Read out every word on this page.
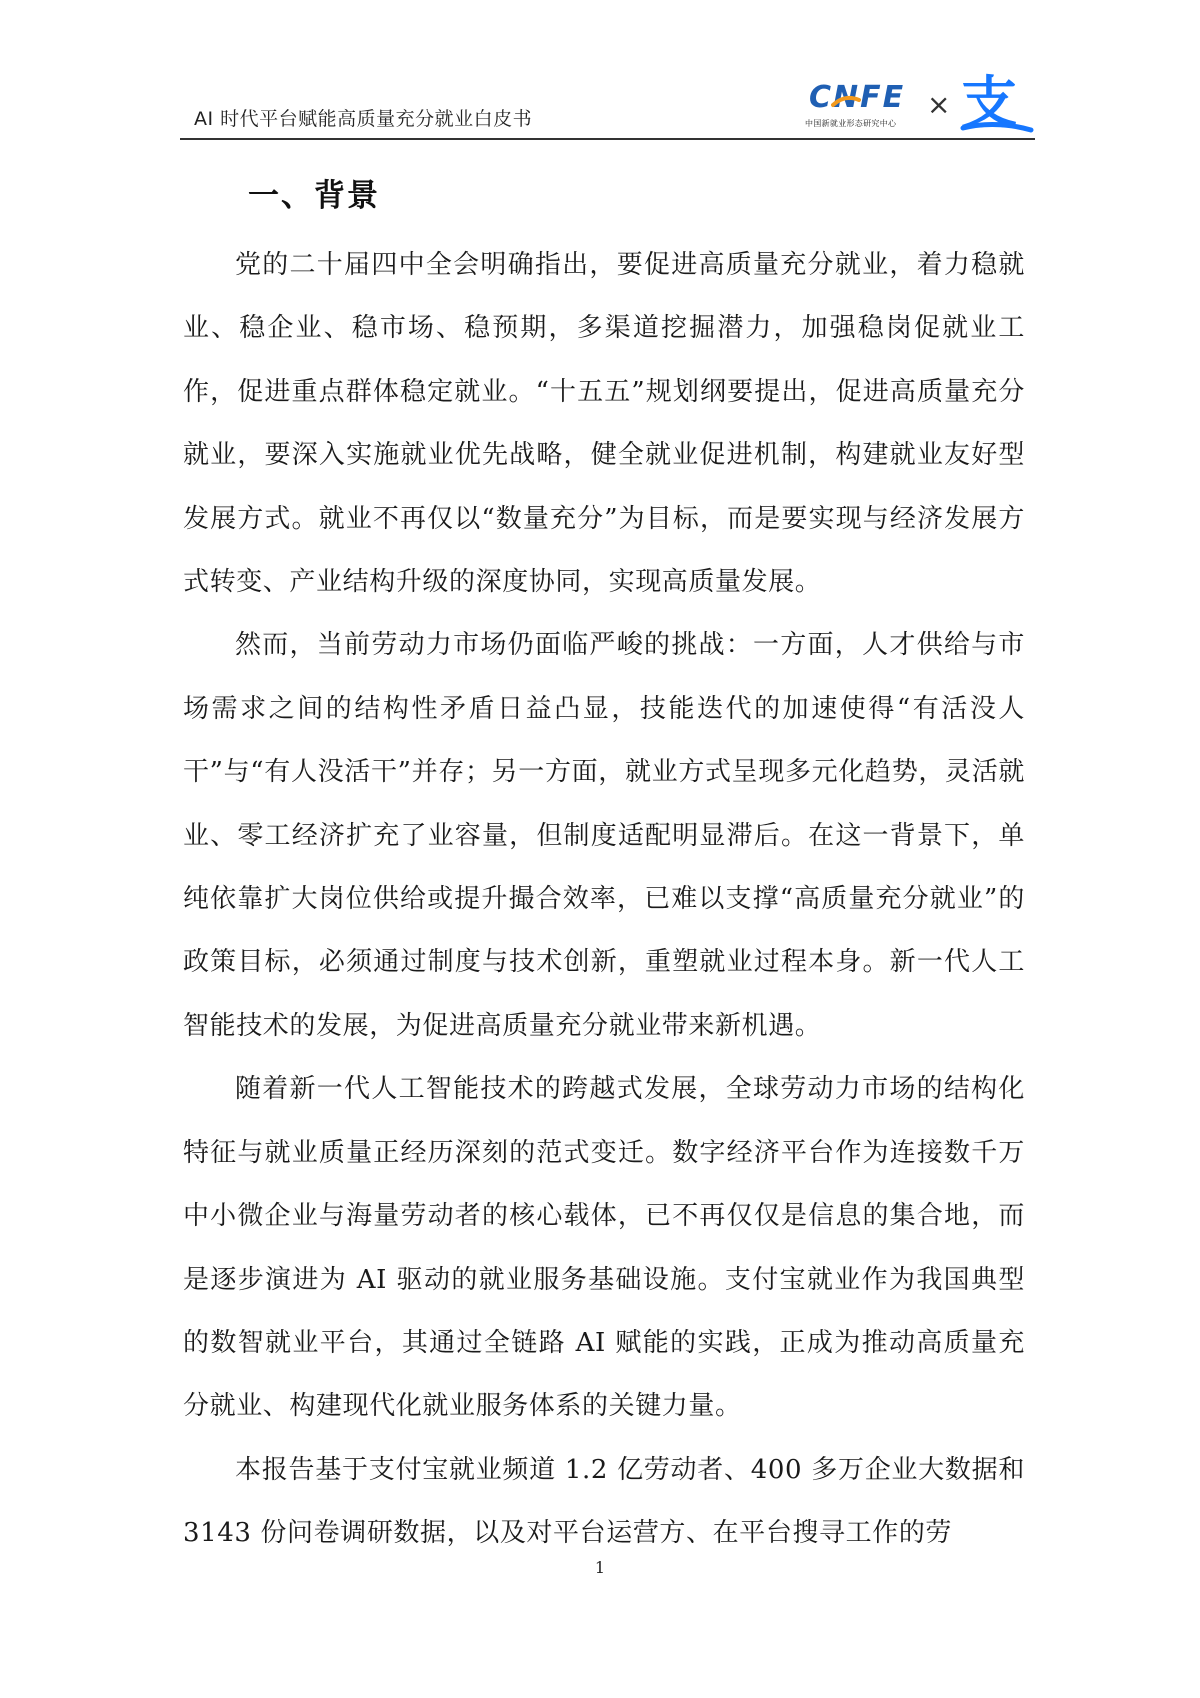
AI 时代平台赋能高质量充分就业白皮书
CNFE
中国新就业形态研究中心
× 支
一、背景

党的二十届四中全会明确指出，要促进高质量充分就业，着力稳就业、稳企业、稳市场、稳预期，多渠道挖掘潜力，加强稳岗促就业工作，促进重点群体稳定就业。“十五五”规划纲要提出，促进高质量充分就业，要深入实施就业优先战略，健全就业促进机制，构建就业友好型发展方式。就业不再仅以“数量充分”为目标，而是要实现与经济发展方式转变、产业结构升级的深度协同，实现高质量发展。

然而，当前劳动力市场仍面临严峻的挑战：一方面，人才供给与市场需求之间的结构性矛盾日益凸显，技能迭代的加速使得“有活没人干”与“有人没活干”并存；另一方面，就业方式呈现多元化趋势，灵活就业、零工经济扩充了业容量，但制度适配明显滞后。在这一背景下，单纯依靠扩大岗位供给或提升撮合效率，已难以支撑“高质量充分就业”的政策目标，必须通过制度与技术创新，重塑就业过程本身。新一代人工智能技术的发展，为促进高质量充分就业带来新机遇。

随着新一代人工智能技术的跨越式发展，全球劳动力市场的结构化特征与就业质量正经历深刻的范式变迁。数字经济平台作为连接数千万中小微企业与海量劳动者的核心载体，已不再仅仅是信息的集合地，而是逐步演进为 AI 驱动的就业服务基础设施。支付宝就业作为我国典型的数智就业平台，其通过全链路 AI 赋能的实践，正成为推动高质量充分就业、构建现代化就业服务体系的关键力量。

本报告基于支付宝就业频道 1.2 亿劳动者、400 多万企业大数据和 3143 份问卷调研数据，以及对平台运营方、在平台搜寻工作的劳

1
